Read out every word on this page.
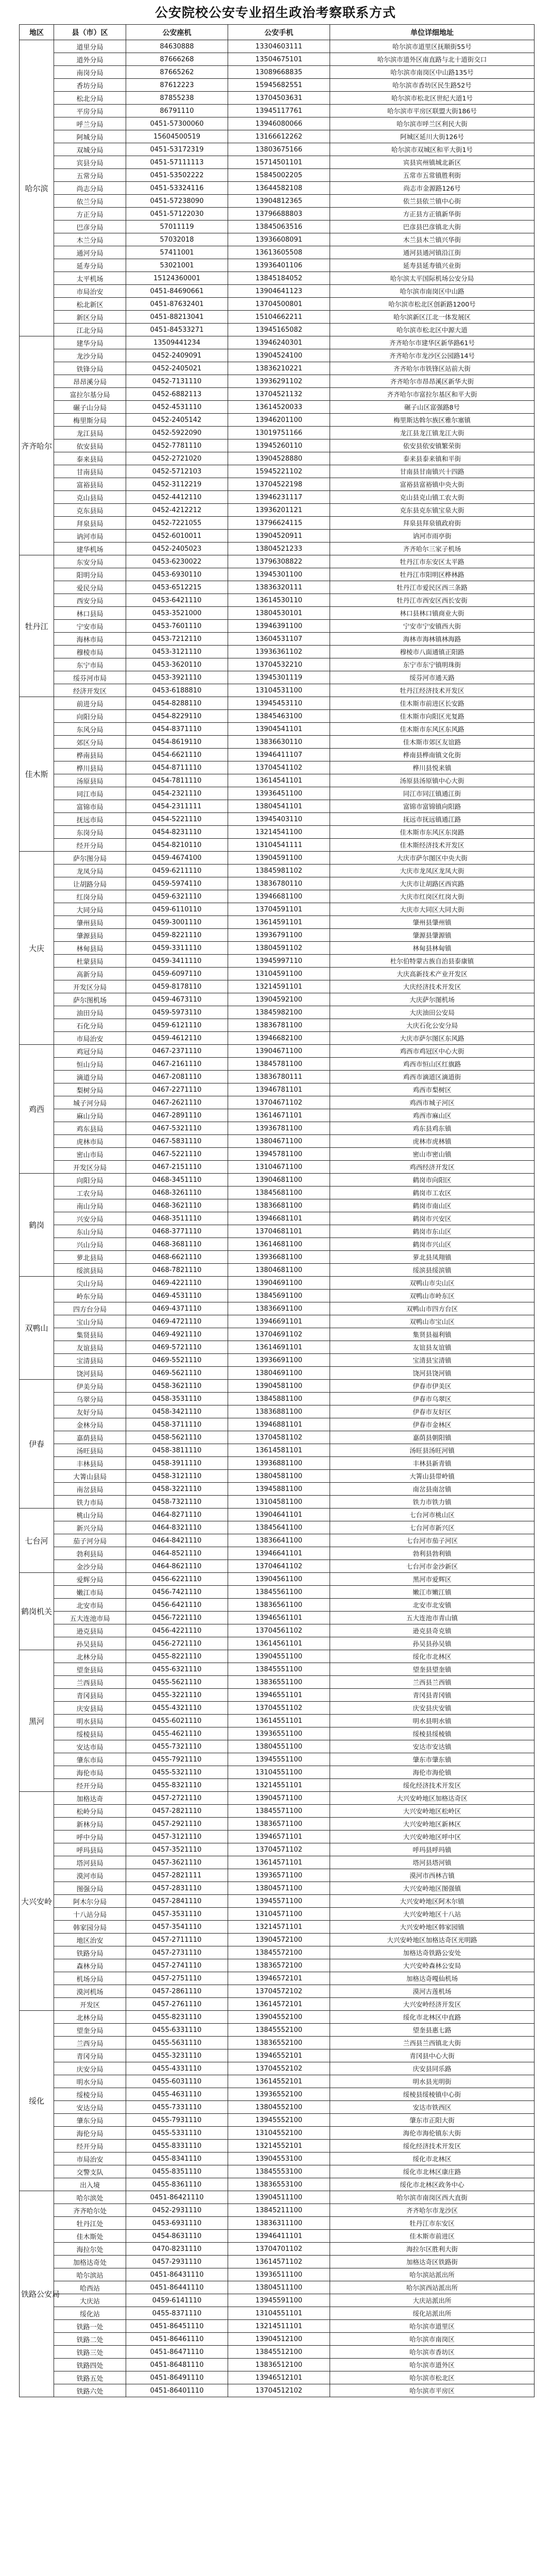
公安院校公安专业招生政治考察联系方式
地区	县（市）区	公安座机	公安手机	单位详细地址
哈尔滨	道里分局	84630888	13304603111	哈尔滨市道里区抚顺街55号
	道外分局	87666268	13504675101	哈尔滨市道外区南直路与北十道街交口
	南岗分局	87665262	13089668835	哈尔滨市南岗区中山路135号
	香坊分局	87612223	15945682551	哈尔滨市香坊区民生路52号
	松北分局	87855238	13704503631	哈尔滨市松北区世纪大道1号
	平房分局	86791110	13945117761	哈尔滨市平房区联盟大街186号
	呼兰分局	0451-57300060	13946080066	哈尔滨市呼兰区利民大街
	阿城分局	15604500519	13166612262	阿城区延川大街126号
	双城分局	0451-53172319	13803675166	哈尔滨市双城区和平大街1号
	宾县分局	0451-57111113	15714501101	宾县宾州镇城北新区
	五常分局	0451-53502222	15845002205	五常市五常镇胜利街
	尚志分局	0451-53324116	13644582108	尚志市金源路126号
	依兰分局	0451-57238090	13904812365	依兰县依兰镇中心街
	方正分局	0451-57122030	13796688803	方正县方正镇新华街
	巴彦分局	57011119	13845063516	巴彦县巴彦镇北大街
	木兰分局	57032018	13936608091	木兰县木兰镇兴华街
	通河分局	57411001	13613605508	通河县通河镇沿江街
	延寿分局	53021001	13936401106	延寿县延寿镇兴业街
	太平机场	15124360001	13845184052	哈尔滨太平国际机场公安分局
	市局治安	0451-84690661	13904641123	哈尔滨市南岗区中山路
	松北新区	0451-87632401	13704500801	哈尔滨市松北区创新路1200号
	新区分局	0451-88213041	15104662211	哈尔滨新区江北一体发展区
	江北分局	0451-84533271	13945165082	哈尔滨市松北区中源大道
齐齐哈尔	建华分局	13509441234	13946240301	齐齐哈尔市建华区新华路61号
	龙沙分局	0452-2409091	13904524100	齐齐哈尔市龙沙区公园路14号
	铁锋分局	0452-2405021	13836210221	齐齐哈尔市铁锋区站前大街
	昂昂溪分局	0452-7131110	13936291102	齐齐哈尔市昂昂溪区新华大街
	富拉尔基分局	0452-6882113	13704521132	齐齐哈尔市富拉尔基区和平大街
	碾子山分局	0452-4531110	13614520033	碾子山区富强路8号
	梅里斯分局	0452-2405142	13946201100	梅里斯达斡尔族区雅尔塞镇
	龙江县局	0452-5922090	13019751166	龙江县龙江镇龙江大街
	依安县局	0452-7781110	13945260110	依安县依安镇繁荣街
	泰来县局	0452-2721020	13904528880	泰来县泰来镇和平街
	甘南县局	0452-5712103	15945221102	甘南县甘南镇兴十四路
	富裕县局	0452-3112219	13704522198	富裕县富裕镇中央大街
	克山县局	0452-4412110	13946231117	克山县克山镇工农大街
	克东县局	0452-4212212	13936201121	克东县克东镇宝泉大街
	拜泉县局	0452-7221055	13796624115	拜泉县拜泉镇政府街
	讷河市局	0452-6010011	13904520911	讷河市雨亭街
	建华机场	0452-2405023	13804521233	齐齐哈尔三家子机场
牡丹江	东安分局	0453-6230022	13796308822	牡丹江市东安区太平路
	阳明分局	0453-6930110	13945301100	牡丹江市阳明区桦林路
	爱民分局	0453-6512215	13836320111	牡丹江市爱民区西三条路
	西安分局	0453-6421110	13614530110	牡丹江市西安区西长安街
	林口县局	0453-3521000	13804530101	林口县林口镇商业大街
	宁安市局	0453-7601110	13946391100	宁安市宁安镇西大街
	海林市局	0453-7212110	13604531107	海林市海林镇林海路
	穆棱市局	0453-3121110	13936361102	穆棱市八面通镇正阳路
	东宁市局	0453-3620110	13704532210	东宁市东宁镇明珠街
	绥芬河市局	0453-3921110	13945301119	绥芬河市通天路
	经济开发区	0453-6188810	13104531100	牡丹江经济技术开发区
佳木斯	前进分局	0454-8288110	13945453110	佳木斯市前进区长安路
	向阳分局	0454-8229110	13845463100	佳木斯市向阳区光复路
	东风分局	0454-8371110	13904541101	佳木斯市东风区东风路
	郊区分局	0454-8619110	13836630110	佳木斯市郊区友谊路
	桦南县局	0454-6621110	13946411107	桦南县桦南镇文化街
	桦川县局	0454-8711110	13704541102	桦川县悦来镇
	汤原县局	0454-7811110	13614541101	汤原县汤原镇中心大街
	同江市局	0454-2321110	13936451100	同江市同江镇通江街
	富锦市局	0454-2311111	13804541101	富锦市富锦镇向阳路
	抚远市局	0454-5221110	13945403110	抚远市抚远镇通江路
	东岗分局	0454-8231110	13214541100	佳木斯市东风区东岗路
	经开分局	0454-8210110	13104541111	佳木斯经济技术开发区
大庆	萨尔图分局	0459-4674100	13904591100	大庆市萨尔图区中央大街
	龙凤分局	0459-6211110	13845981102	大庆市龙凤区龙凤大街
	让胡路分局	0459-5974110	13836780110	大庆市让胡路区西宾路
	红岗分局	0459-6321110	13946681100	大庆市红岗区红岗大街
	大同分局	0459-6110110	13704591101	大庆市大同区大同大街
	肇州县局	0459-3001110	13614591101	肇州县肇州镇
	肇源县局	0459-8221110	13936791100	肇源县肇源镇
	林甸县局	0459-3311110	13804591102	林甸县林甸镇
	杜蒙县局	0459-3411110	13945997110	杜尔伯特蒙古族自治县泰康镇
	高新分局	0459-6097110	13104591100	大庆高新技术产业开发区
	开发区分局	0459-8178110	13214591101	大庆经济技术开发区
	萨尔图机场	0459-4673110	13904592100	大庆萨尔图机场
	油田分局	0459-5973110	13845982100	大庆油田公安局
	石化分局	0459-6121110	13836781100	大庆石化公安分局
	市局治安	0459-4612110	13946682100	大庆市萨尔图区东风路
鸡西	鸡冠分局	0467-2371110	13904671100	鸡西市鸡冠区中心大街
	恒山分局	0467-2161110	13845781100	鸡西市恒山区红旗路
	滴道分局	0467-2081110	13836780111	鸡西市滴道区滴道街
	梨树分局	0467-2271110	13946781101	鸡西市梨树区
	城子河分局	0467-2621110	13704671102	鸡西市城子河区
	麻山分局	0467-2891110	13614671101	鸡西市麻山区
	鸡东县局	0467-5321110	13936781100	鸡东县鸡东镇
	虎林市局	0467-5831110	13804671100	虎林市虎林镇
	密山市局	0467-5221110	13945781100	密山市密山镇
	开发区分局	0467-2151110	13104671100	鸡西经济开发区
鹤岗	向阳分局	0468-3451110	13904681100	鹤岗市向阳区
	工农分局	0468-3261110	13845681100	鹤岗市工农区
	南山分局	0468-3621110	13836681100	鹤岗市南山区
	兴安分局	0468-3511110	13946681101	鹤岗市兴安区
	东山分局	0468-3771110	13704681101	鹤岗市东山区
	兴山分局	0468-3681110	13614681100	鹤岗市兴山区
	萝北县局	0468-6621110	13936681100	萝北县凤翔镇
	绥滨县局	0468-7821110	13804681100	绥滨县绥滨镇
双鸭山	尖山分局	0469-4221110	13904691100	双鸭山市尖山区
	岭东分局	0469-4531110	13845691100	双鸭山市岭东区
	四方台分局	0469-4371110	13836691100	双鸭山市四方台区
	宝山分局	0469-4721110	13946691101	双鸭山市宝山区
	集贤县局	0469-4921110	13704691102	集贤县福利镇
	友谊县局	0469-5721110	13614691101	友谊县友谊镇
	宝清县局	0469-5521110	13936691100	宝清县宝清镇
	饶河县局	0469-5621110	13804691100	饶河县饶河镇
伊春	伊美分局	0458-3621110	13904581100	伊春市伊美区
	乌翠分局	0458-3531110	13845881100	伊春市乌翠区
	友好分局	0458-3421110	13836881100	伊春市友好区
	金林分局	0458-3711110	13946881101	伊春市金林区
	嘉荫县局	0458-5621110	13704581102	嘉荫县朝阳镇
	汤旺县局	0458-3811110	13614581101	汤旺县汤旺河镇
	丰林县局	0458-3911110	13936881100	丰林县新青镇
	大箐山县局	0458-3121110	13804581100	大箐山县带岭镇
	南岔县局	0458-3221110	13945881100	南岔县南岔镇
	铁力市局	0458-7321110	13104581100	铁力市铁力镇
七台河	桃山分局	0464-8271110	13904641101	七台河市桃山区
	新兴分局	0464-8321110	13845641100	七台河市新兴区
	茄子河分局	0464-8421110	13836641100	七台河市茄子河区
	勃利县局	0464-8521110	13946641101	勃利县勃利镇
	金沙分局	0464-8621110	13704641102	七台河市金沙新区
鹤岗机关	爱辉分局	0456-6221110	13904561100	黑河市爱辉区
	嫩江市局	0456-7421110	13845561100	嫩江市嫩江镇
	北安市局	0456-6421110	13836561100	北安市北安镇
	五大连池市局	0456-7221110	13946561101	五大连池市青山镇
	逊克县局	0456-4221110	13704561102	逊克县奇克镇
	孙吴县局	0456-2721110	13614561101	孙吴县孙吴镇
黑河	北林分局	0455-8221110	13904551100	绥化市北林区
	望奎县局	0455-6321110	13845551100	望奎县望奎镇
	兰西县局	0455-5621110	13836551100	兰西县兰西镇
	青冈县局	0455-3221110	13946551101	青冈县青冈镇
	庆安县局	0455-4321110	13704551102	庆安县庆安镇
	明水县局	0455-6021110	13614551101	明水县明水镇
	绥棱县局	0455-4621110	13936551100	绥棱县绥棱镇
	安达市局	0455-7321110	13804551100	安达市安达镇
	肇东市局	0455-7921110	13945551100	肇东市肇东镇
	海伦市局	0455-5321110	13104551100	海伦市海伦镇
	经开分局	0455-8321110	13214551101	绥化经济技术开发区
大兴安岭	加格达奇	0457-2721110	13904571100	大兴安岭地区加格达奇区
	松岭分局	0457-2821110	13845571100	大兴安岭地区松岭区
	新林分局	0457-2921110	13836571100	大兴安岭地区新林区
	呼中分局	0457-3121110	13946571101	大兴安岭地区呼中区
	呼玛县局	0457-3521110	13704571102	呼玛县呼玛镇
	塔河县局	0457-3621110	13614571101	塔河县塔河镇
	漠河市局	0457-2821111	13936571100	漠河市西林吉镇
	图强分局	0457-2831110	13804571100	大兴安岭地区图强镇
	阿木尔分局	0457-2841110	13945571100	大兴安岭地区阿木尔镇
	十八站分局	0457-3531110	13104571100	大兴安岭地区十八站
	韩家园分局	0457-3541110	13214571101	大兴安岭地区韩家园镇
	地区治安	0457-2711110	13904572100	大兴安岭地区加格达奇区光明路
	铁路分局	0457-2731110	13845572100	加格达奇铁路公安处
	森林分局	0457-2741110	13836572100	大兴安岭森林公安局
	机场分局	0457-2751110	13946572101	加格达奇嘎仙机场
	漠河机场	0457-2861110	13704572102	漠河古莲机场
	开发区	0457-2761110	13614572101	大兴安岭经济开发区
绥化	北林分局	0455-8231110	13904552100	绥化市北林区中直路
	望奎分局	0455-6331110	13845552100	望奎县惠七路
	兰西分局	0455-5631110	13836552100	兰西县兰西镇北大街
	青冈分局	0455-3231110	13946552101	青冈县中心大街
	庆安分局	0455-4331110	13704552102	庆安县同乐路
	明水分局	0455-6031110	13614552101	明水县光明街
	绥棱分局	0455-4631110	13936552100	绥棱县绥棱镇中心街
	安达分局	0455-7331110	13804552100	安达市铁西区
	肇东分局	0455-7931110	13945552100	肇东市正阳大街
	海伦分局	0455-5331110	13104552100	海伦市海伦镇东大街
	经开分局	0455-8331110	13214552101	绥化经济技术开发区
	市局治安	0455-8341110	13904553100	绥化市北林区
	交警支队	0455-8351110	13845553100	绥化市北林区康庄路
	出入境	0455-8361110	13836553100	绥化市北林区政务中心
铁路公安局	哈尔滨处	0451-86421110	13904511100	哈尔滨市南岗区西大直街
	齐齐哈尔处	0452-2931110	13845211100	齐齐哈尔市龙沙区
	牡丹江处	0453-6931110	13836311100	牡丹江市东安区
	佳木斯处	0454-8631110	13946411101	佳木斯市前进区
	海拉尔处	0470-8231110	13704701102	海拉尔区胜利大街
	加格达奇处	0457-2931110	13614571102	加格达奇区铁路街
	哈尔滨站	0451-86431110	13936511100	哈尔滨站派出所
	哈西站	0451-86441110	13804511100	哈尔滨西站派出所
	大庆站	0459-6141110	13945591100	大庆站派出所
	绥化站	0455-8371110	13104551101	绥化站派出所
	铁路一处	0451-86451110	13214511101	哈尔滨市道里区
	铁路二处	0451-86461110	13904512100	哈尔滨市南岗区
	铁路三处	0451-86471110	13845512100	哈尔滨市香坊区
	铁路四处	0451-86481110	13836512100	哈尔滨市道外区
	铁路五处	0451-86491110	13946512101	哈尔滨市松北区
	铁路六处	0451-86401110	13704512102	哈尔滨市平房区
